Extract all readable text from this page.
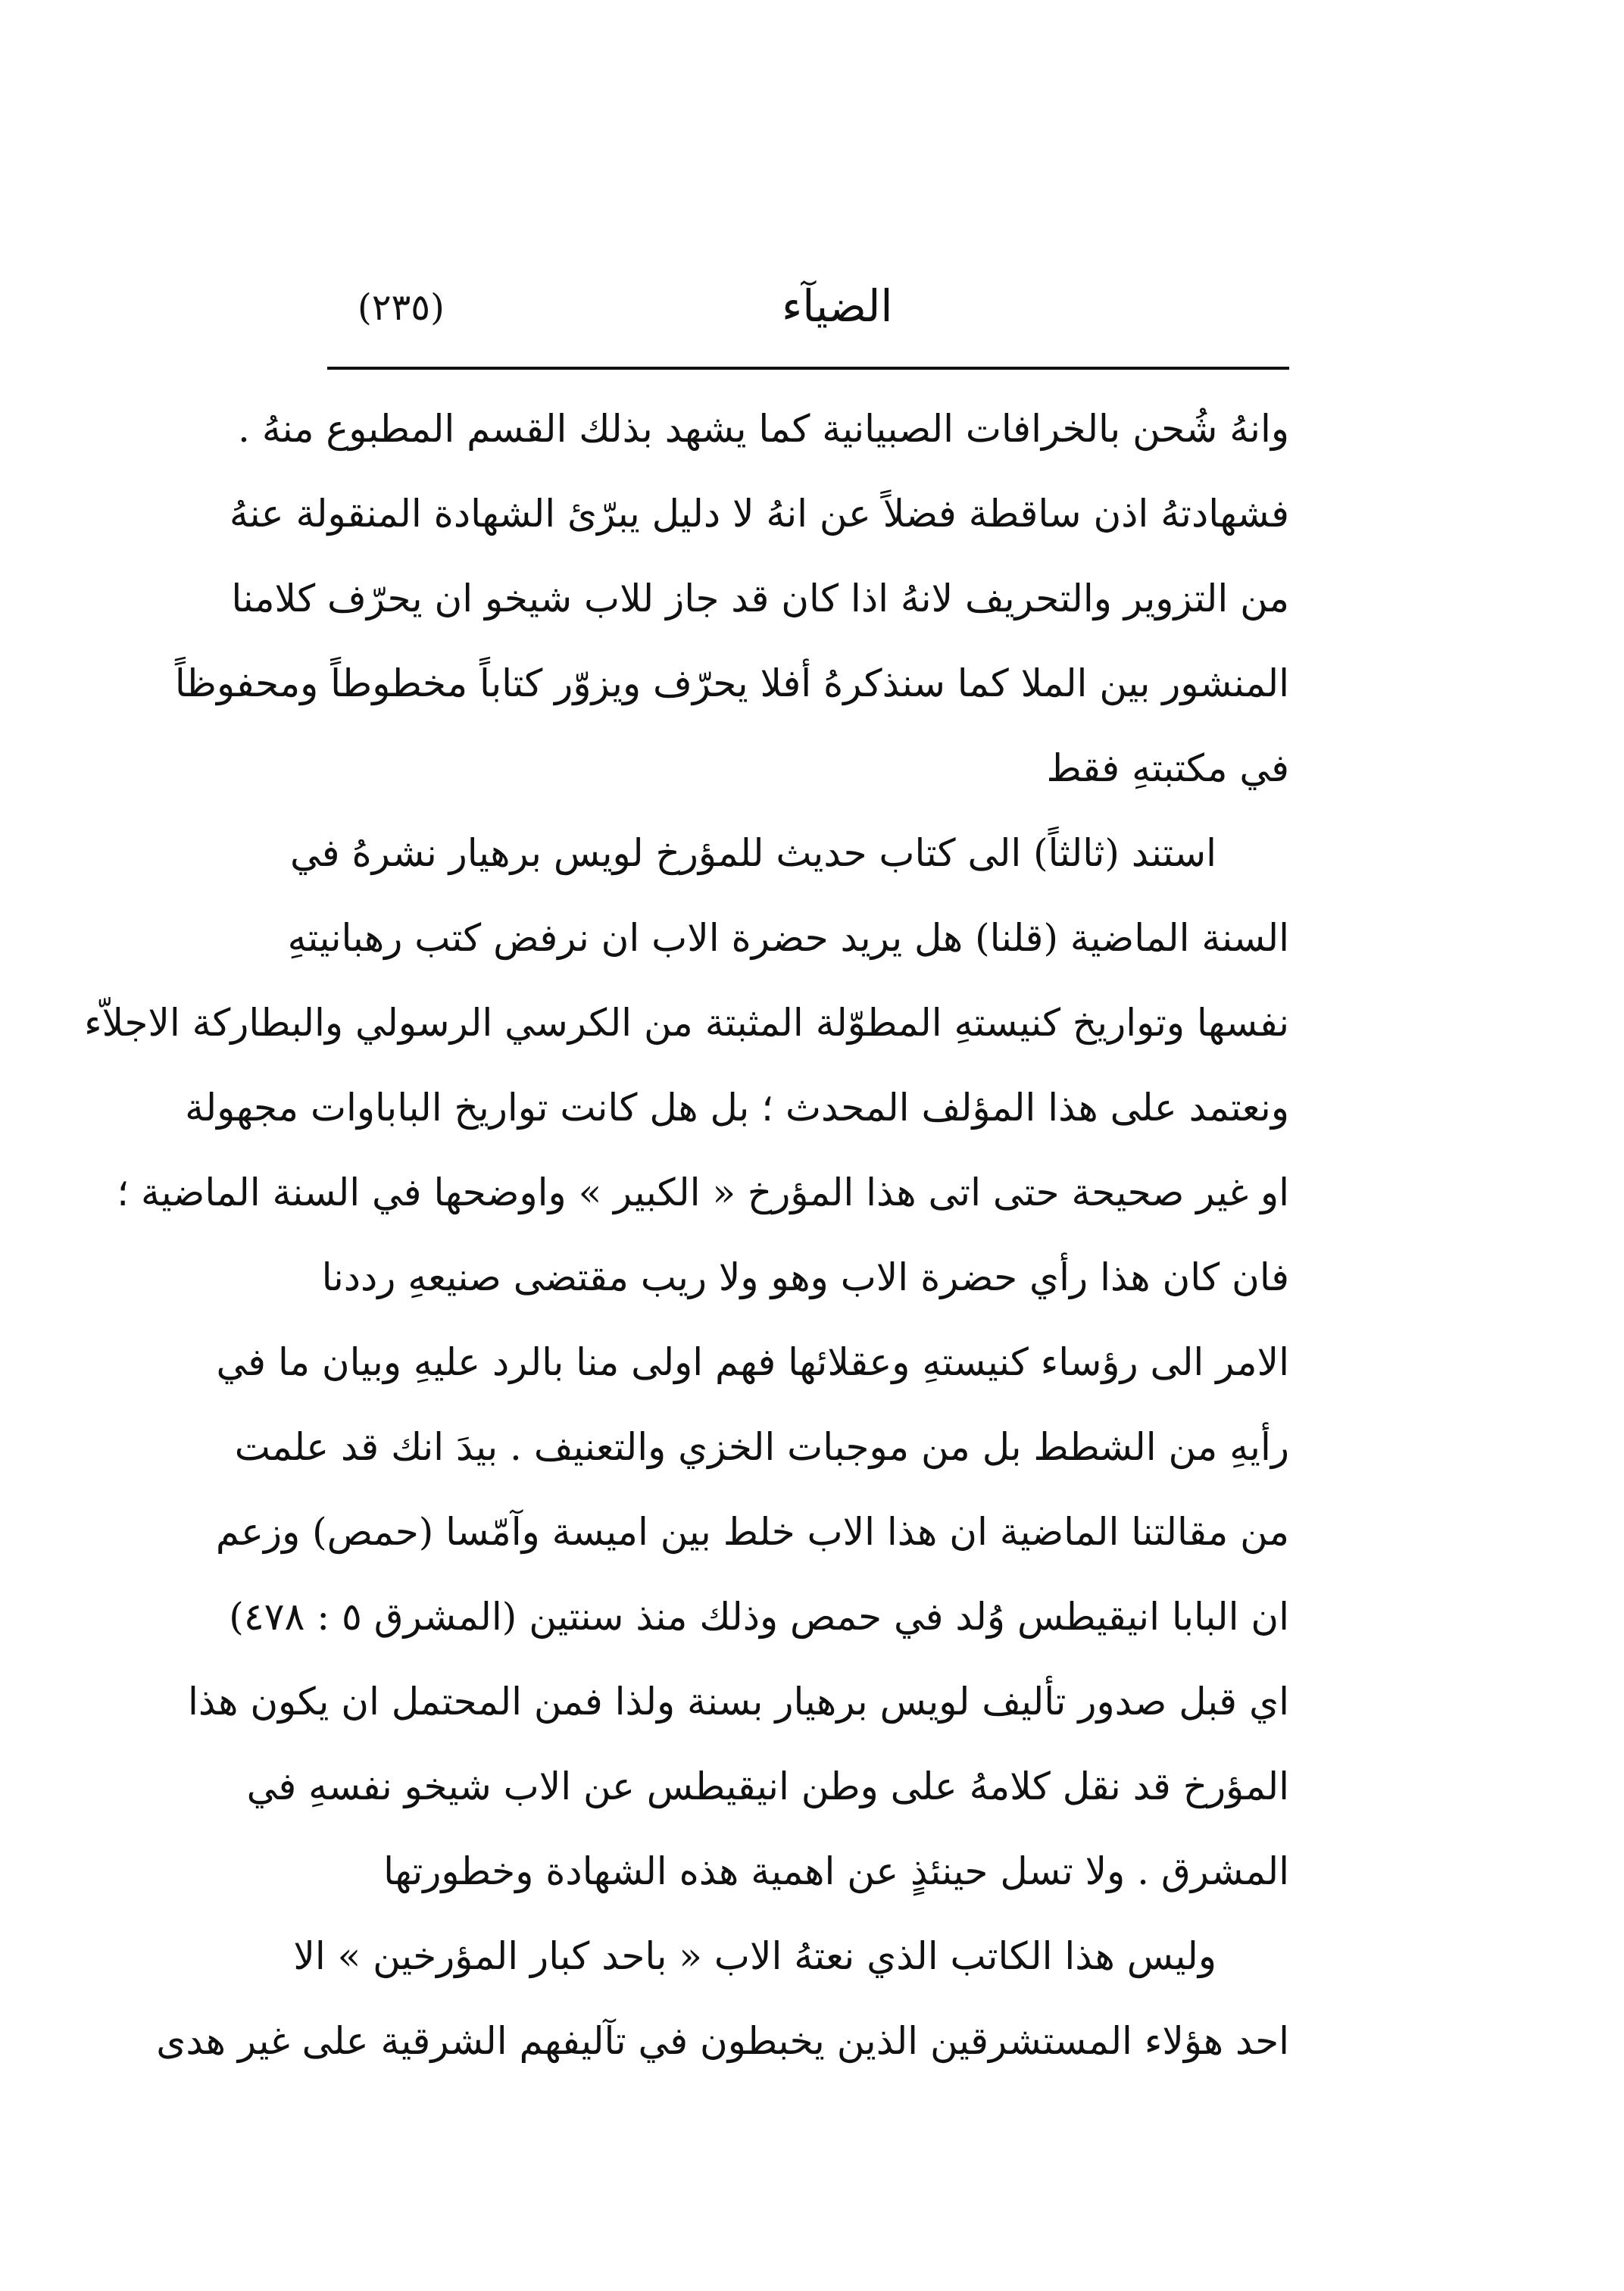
(٢٣٥)	الضيآء
وانهُ شُحن بالخرافات الصبيانية كما يشهد بذلك القسم المطبوع منهُ .
فشهادتهُ اذن ساقطة فضلاً عن انهُ لا دليل يبرّئ الشهادة المنقولة عنهُ
من التزوير والتحريف لانهُ اذا كان قد جاز للاب شيخو ان يحرّف كلامنا
المنشور بين الملا كما سنذكرهُ أفلا يحرّف ويزوّر كتاباً مخطوطاً ومحفوظاً
في مكتبتهِ فقط
استند (ثالثاً) الى كتاب حديث للمؤرخ لويس برهيار نشرهُ في
السنة الماضية (قلنا) هل يريد حضرة الاب ان نرفض كتب رهبانيتهِ
نفسها وتواريخ كنيستهِ المطوّلة المثبتة من الكرسي الرسولي والبطاركة الاجلاّء
ونعتمد على هذا المؤلف المحدث ؛ بل هل كانت تواريخ الباباوات مجهولة
او غير صحيحة حتى اتى هذا المؤرخ « الكبير » واوضحها في السنة الماضية ؛
فان كان هذا رأي حضرة الاب وهو ولا ريب مقتضى صنيعهِ رددنا
الامر الى رؤساء كنيستهِ وعقلائها فهم اولى منا بالرد عليهِ وبيان ما في
رأيهِ من الشطط بل من موجبات الخزي والتعنيف . بيدَ انك قد علمت
من مقالتنا الماضية ان هذا الاب خلط بين اميسة وآمّسا (حمص) وزعم
ان البابا انيقيطس وُلد في حمص وذلك منذ سنتين (المشرق ٥ : ٤٧٨)
اي قبل صدور تأليف لويس برهيار بسنة ولذا فمن المحتمل ان يكون هذا
المؤرخ قد نقل كلامهُ على وطن انيقيطس عن الاب شيخو نفسهِ في
المشرق . ولا تسل حينئذٍ عن اهمية هذه الشهادة وخطورتها
وليس هذا الكاتب الذي نعتهُ الاب « باحد كبار المؤرخين » الا
احد هؤلاء المستشرقين الذين يخبطون في تآليفهم الشرقية على غير هدى
